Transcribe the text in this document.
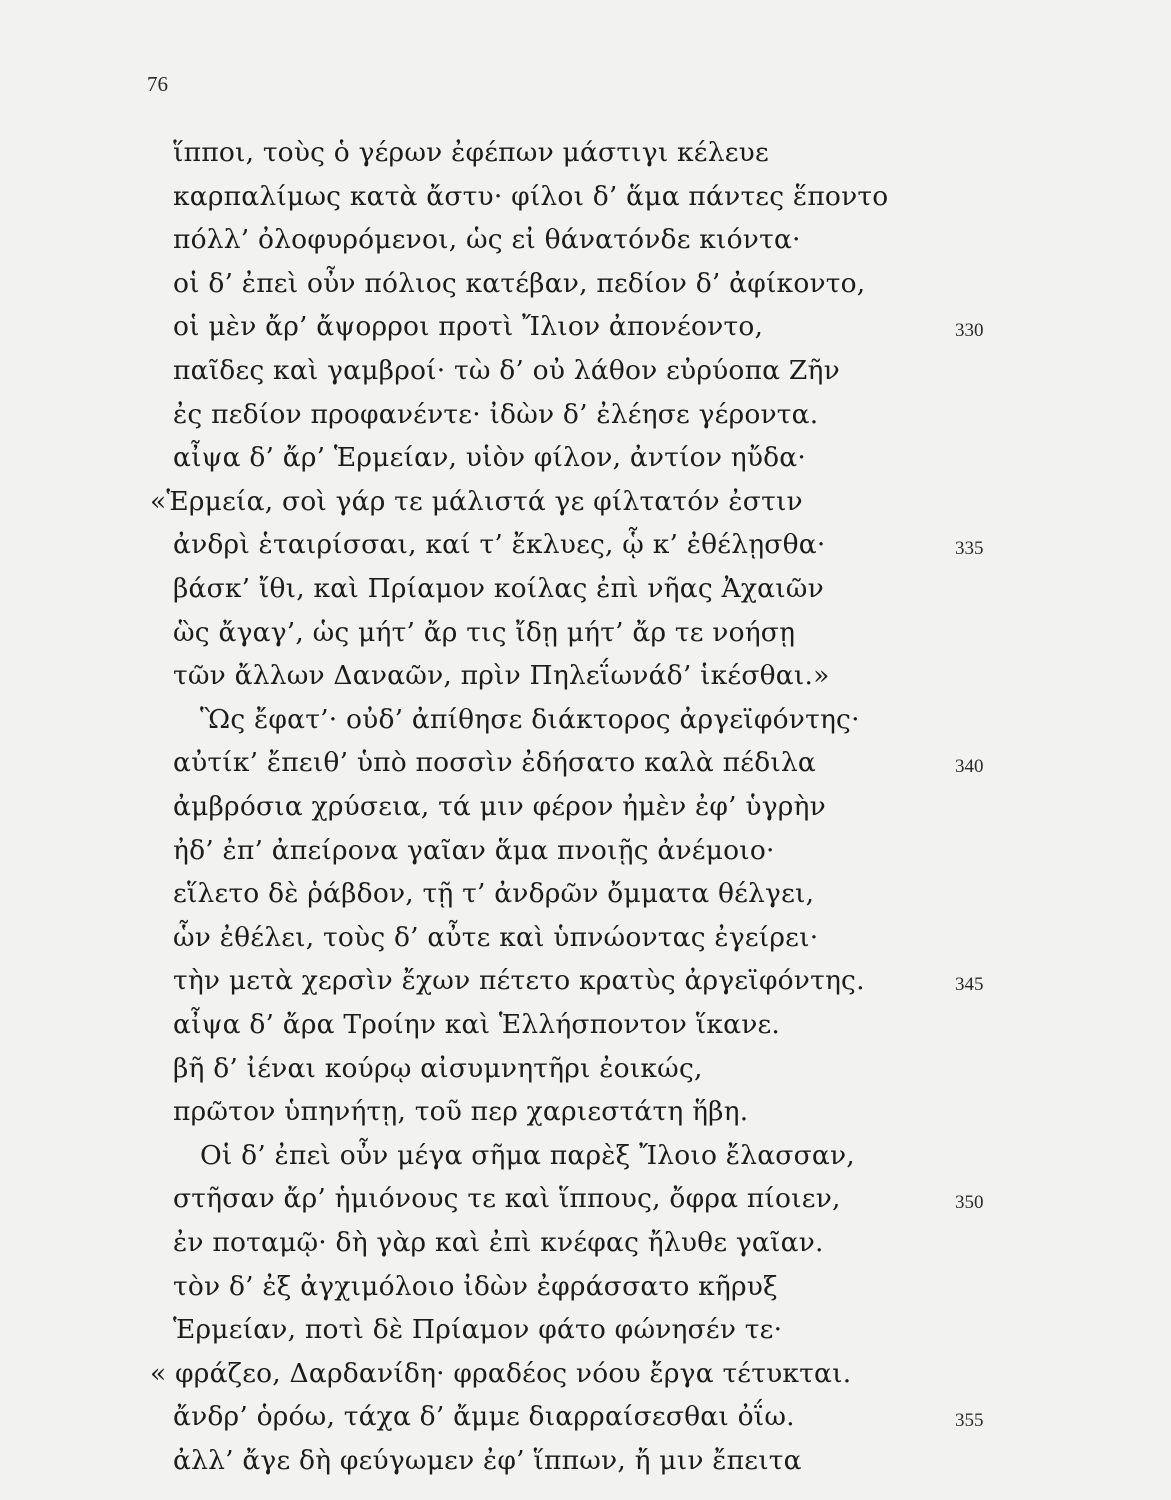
76
ἵπποι, τοὺς ὁ γέρων ἐφέπων μάστιγι κέλευε
καρπαλίμως κατὰ ἄστυ· φίλοι δ’ ἅμα πάντες ἕποντο
πόλλ’ ὀλοφυρόμενοι, ὡς εἰ θάνατόνδε κιόντα·
οἱ δ’ ἐπεὶ οὖν πόλιος κατέβαν, πεδίον δ’ ἀφίκοντο,
οἱ μὲν ἄρ’ ἄψορροι προτὶ Ἴλιον ἀπονέοντο,
παῖδες καὶ γαμβροί· τὼ δ’ οὐ λάθον εὐρύοπα Ζῆν
ἐς πεδίον προφανέντε· ἰδὼν δ’ ἐλέησε γέροντα.
αἶψα δ’ ἄρ’ Ἑρμείαν, υἱὸν φίλον, ἀντίον ηὔδα·
«Ἑρμεία, σοὶ γάρ τε μάλιστά γε φίλτατόν ἐστιν
ἀνδρὶ ἑταιρίσσαι, καί τ’ ἔκλυες, ᾧ κ’ ἐθέλῃσθα·
βάσκ’ ἴθι, καὶ Πρίαμον κοίλας ἐπὶ νῆας Ἀχαιῶν
ὣς ἄγαγ’, ὡς μήτ’ ἄρ τις ἴδῃ μήτ’ ἄρ τε νοήσῃ
τῶν ἄλλων Δαναῶν, πρὶν Πηλεΐωνάδ’ ἱκέσθαι.»
Ὣς ἔφατ’· οὐδ’ ἀπίθησε διάκτορος ἀργεϊφόντης·
αὐτίκ’ ἔπειθ’ ὑπὸ ποσσὶν ἐδήσατο καλὰ πέδιλα
ἀμβρόσια χρύσεια, τά μιν φέρον ἠμὲν ἐφ’ ὑγρὴν
ἠδ’ ἐπ’ ἀπείρονα γαῖαν ἅμα πνοιῇς ἀνέμοιο·
εἵλετο δὲ ῥάβδον, τῇ τ’ ἀνδρῶν ὄμματα θέλγει,
ὧν ἐθέλει, τοὺς δ’ αὖτε καὶ ὑπνώοντας ἐγείρει·
τὴν μετὰ χερσὶν ἔχων πέτετο κρατὺς ἀργεϊφόντης.
αἶψα δ’ ἄρα Τροίην καὶ Ἑλλήσποντον ἵκανε.
βῆ δ’ ἰέναι κούρῳ αἰσυμνητῆρι ἐοικώς,
πρῶτον ὑπηνήτῃ, τοῦ περ χαριεστάτη ἥβη.
Οἱ δ’ ἐπεὶ οὖν μέγα σῆμα παρὲξ Ἴλοιο ἔλασσαν,
στῆσαν ἄρ’ ἡμιόνους τε καὶ ἵππους, ὄφρα πίοιεν,
ἐν ποταμῷ· δὴ γὰρ καὶ ἐπὶ κνέφας ἤλυθε γαῖαν.
τὸν δ’ ἐξ ἀγχιμόλοιο ἰδὼν ἐφράσσατο κῆρυξ
Ἑρμείαν, ποτὶ δὲ Πρίαμον φάτο φώνησέν τε·
« φράζεο, Δαρδανίδη· φραδέος νόου ἔργα τέτυκται.
330
335
340
345
350
355
ἄνδρ’ ὁρόω, τάχα δ’ ἄμμε διαρραίσεσθαι ὀΐω.
ἀλλ’ ἄγε δὴ φεύγωμεν ἐφ’ ἵππων, ἤ μιν ἔπειτα
